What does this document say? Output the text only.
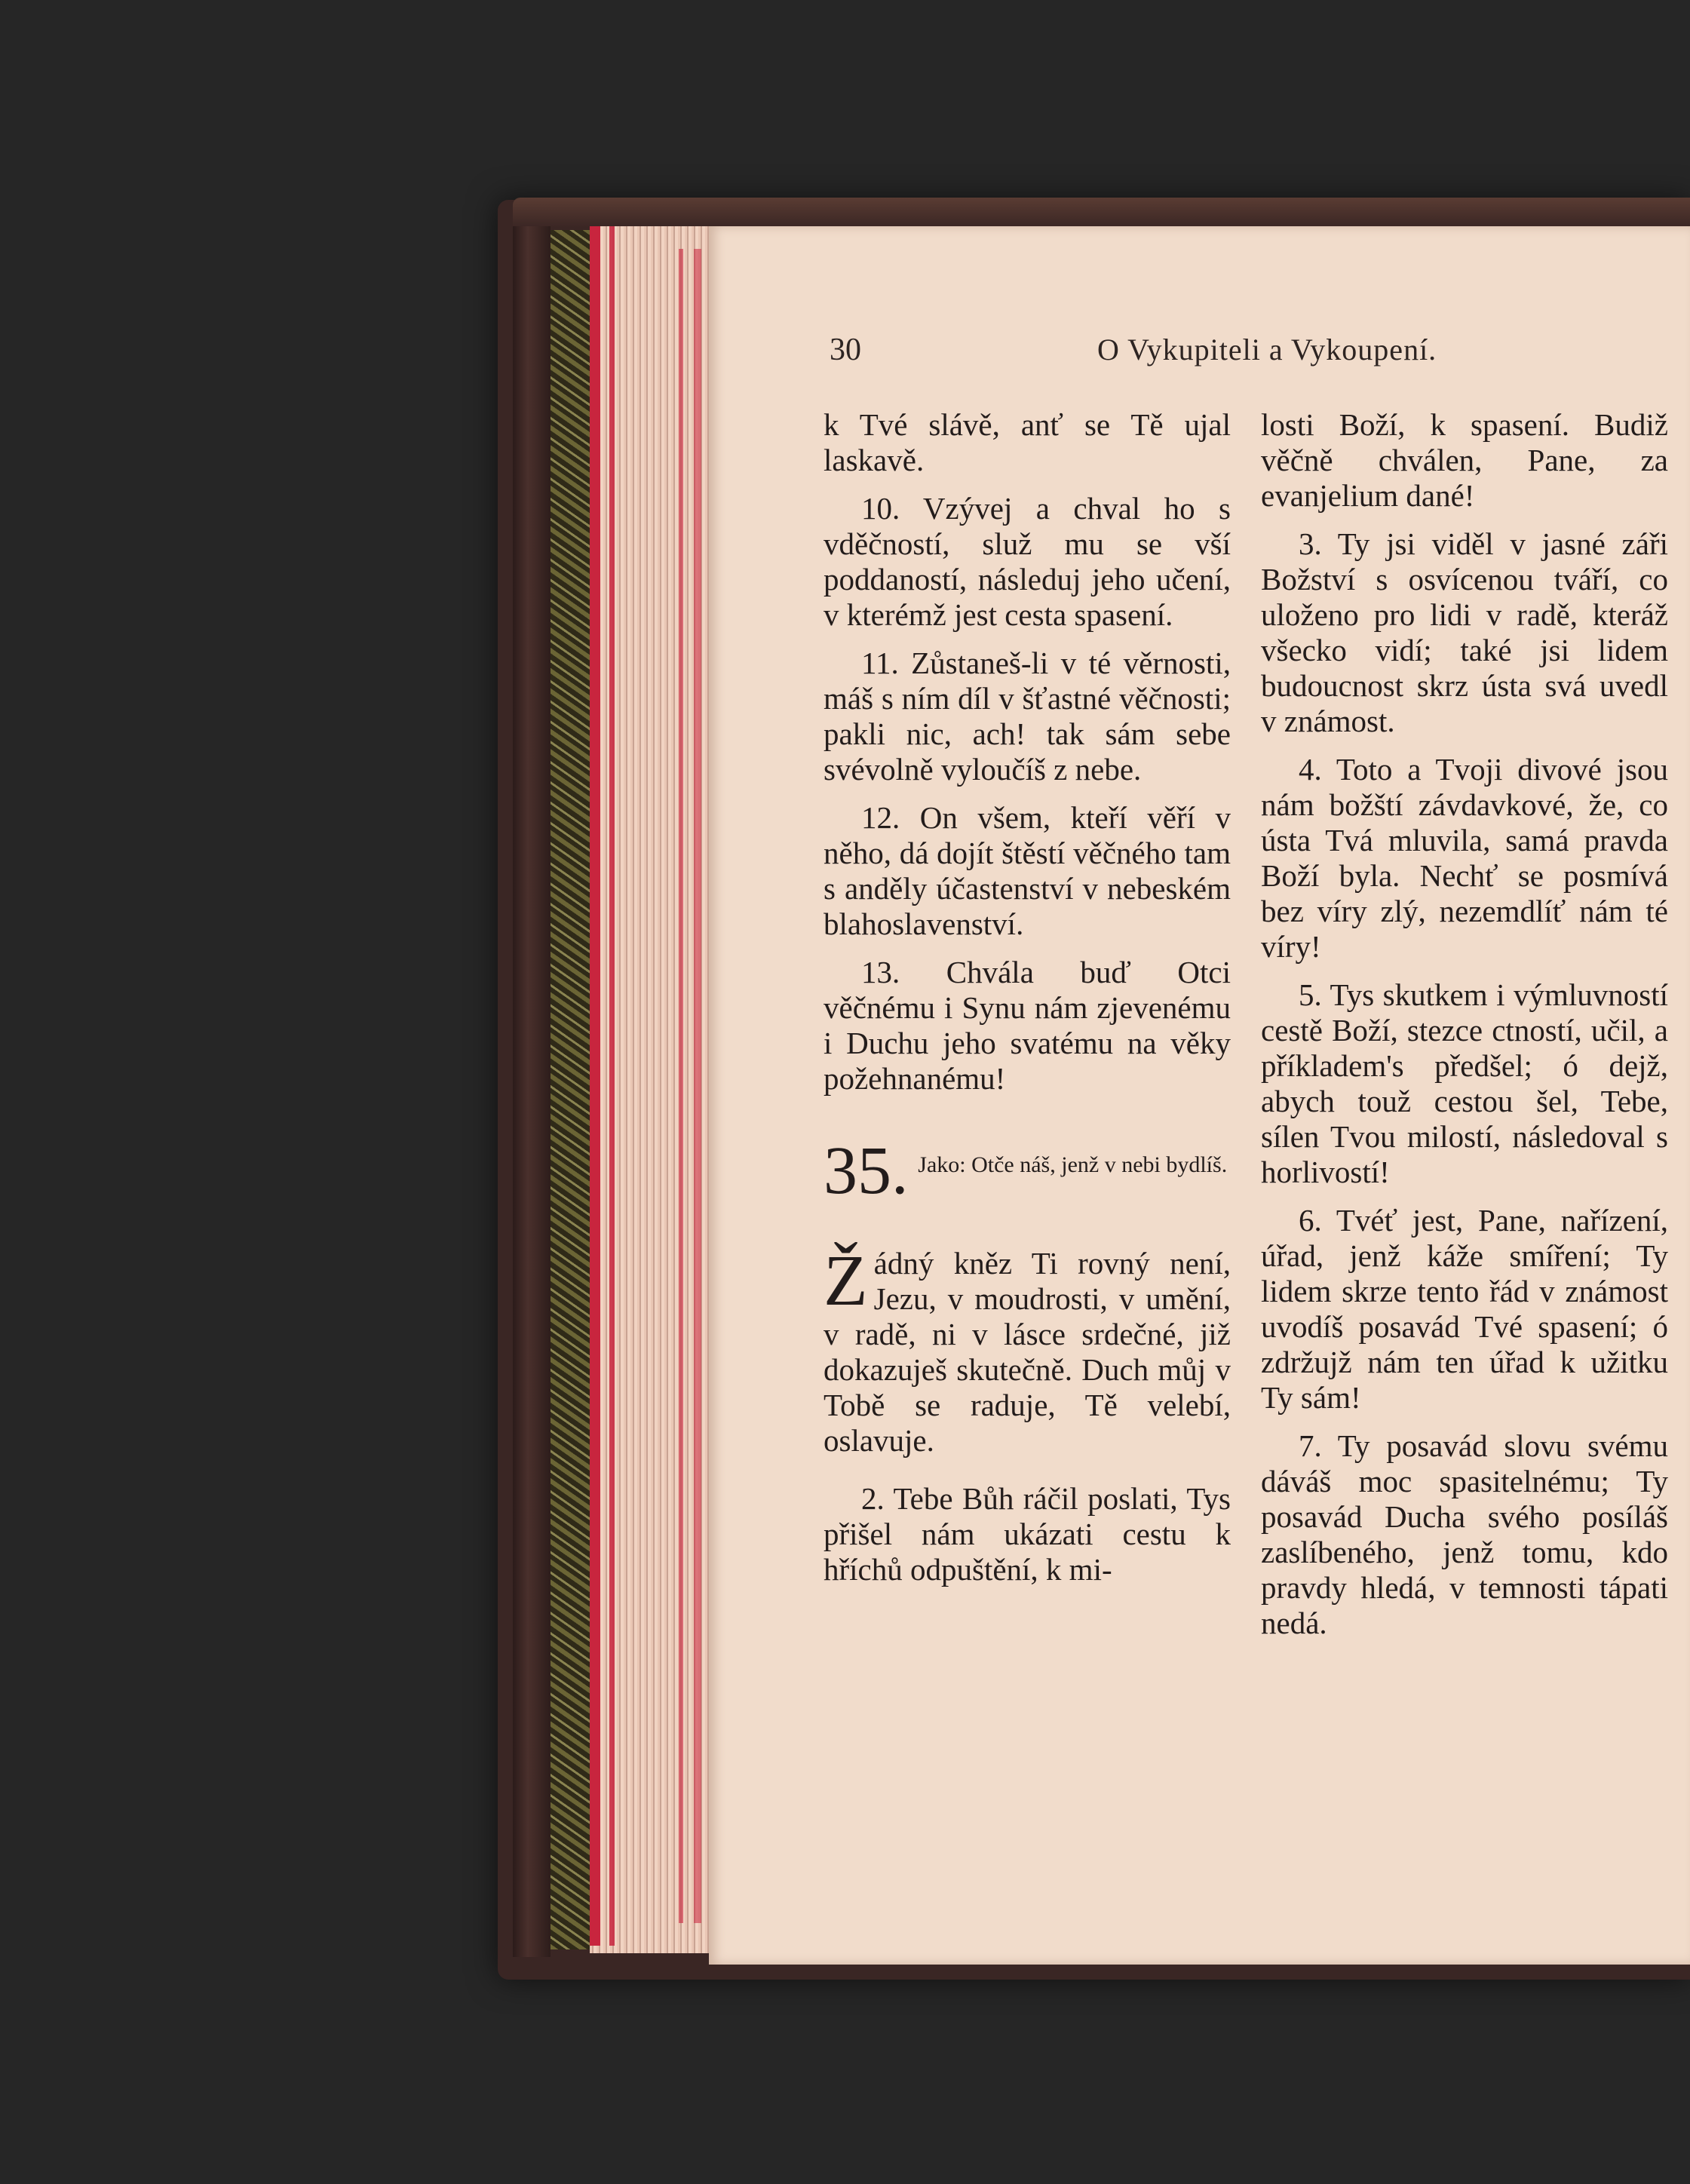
30	O Vykupiteli a Vykoupení.

k Tvé slávě, anť se Tě ujal laskavě.

10. Vzývej a chval ho s vděčností, služ mu se vší poddaností, následuj jeho učení, v kterémž jest cesta spasení.

11. Zůstaneš-li v té věrnosti, máš s ním díl v šťastné věčnosti; pakli nic, ach! tak sám sebe svévolně vyloučíš z nebe.

12. On všem, kteří věří v něho, dá dojít štěstí věčného tam s anděly účastenství v nebeském blahoslavenství.

13. Chvála buď Otci věčnému i Synu nám zjevenému i Duchu jeho svatému na věky požehnanému!

35. Jako: Otče náš, jenž v nebi bydlíš.

Ž ádný kněz Ti rovný není, Jezu, v moudrosti, v umění, v radě, ni v lásce srdečné, již dokazuješ skutečně. Duch můj v Tobě se raduje, Tě velebí, oslavuje.

2. Tebe Bůh ráčil poslati, Tys přišel nám ukázati cestu k hříchů odpuštění, k mi-

losti Boží, k spasení. Budiž věčně chválen, Pane, za evanjelium dané!

3. Ty jsi viděl v jasné záři Božství s osvícenou tváří, co uloženo pro lidi v radě, kteráž všecko vidí; také jsi lidem budoucnost skrz ústa svá uvedl v známost.

4. Toto a Tvoji divové jsou nám božští závdavkové, že, co ústa Tvá mluvila, samá pravda Boží byla. Nechť se posmívá bez víry zlý, nezemdlíť nám té víry!

5. Tys skutkem i výmluvností cestě Boží, stezce ctností, učil, a příkladem's předšel; ó dejž, abych touž cestou šel, Tebe, sílen Tvou milostí, následoval s horlivostí!

6. Tvéť jest, Pane, nařízení, úřad, jenž káže smíření; Ty lidem skrze tento řád v známost uvodíš posavád Tvé spasení; ó zdržujž nám ten úřad k užitku Ty sám!

7. Ty posavád slovu svému dáváš moc spasitelnému; Ty posavád Ducha svého posíláš zaslíbeného, jenž tomu, kdo pravdy hledá, v temnosti tápati nedá.
